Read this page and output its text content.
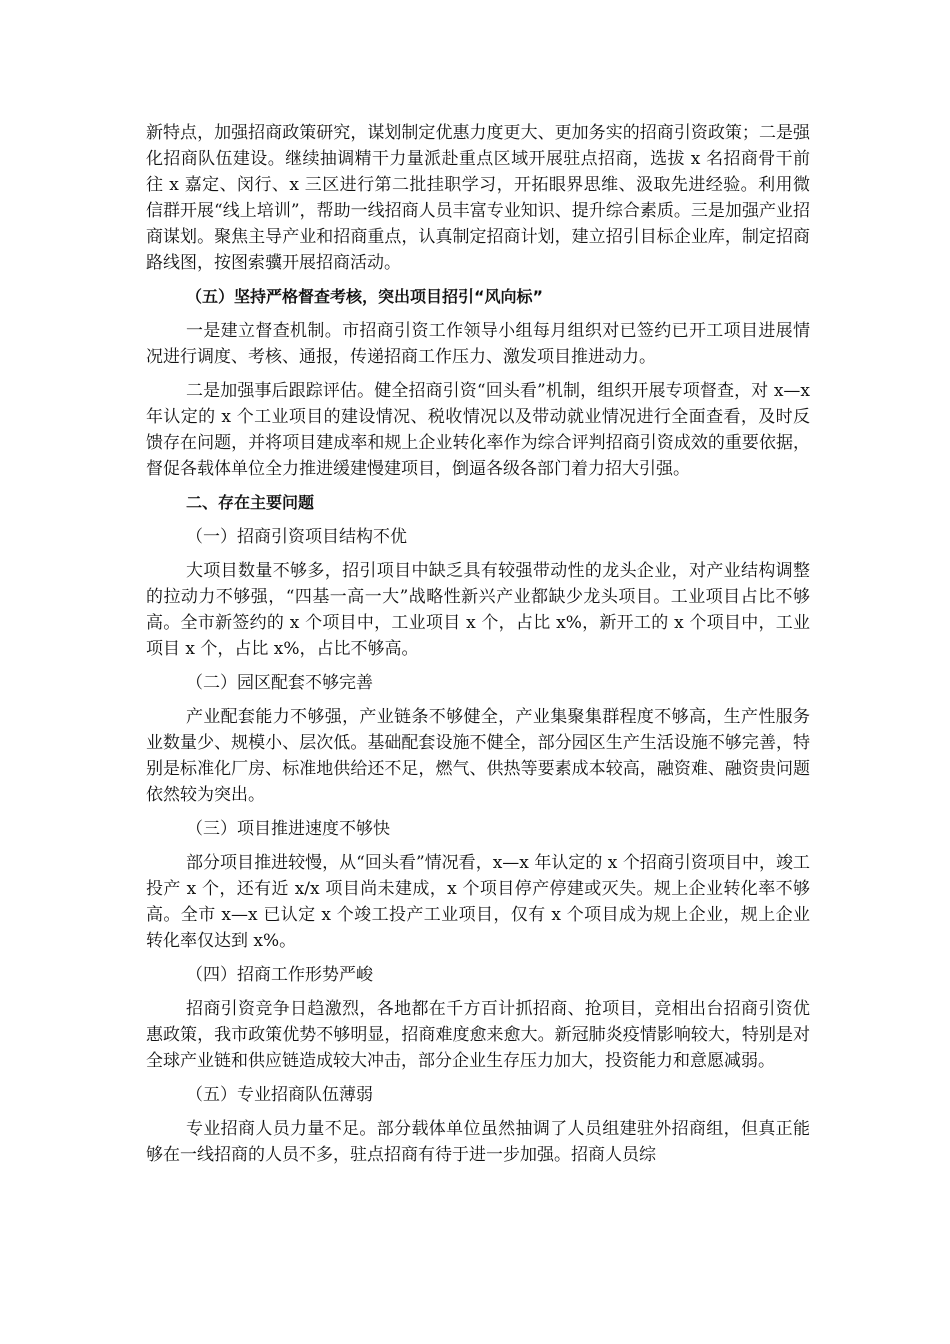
新特点，加强招商政策研究，谋划制定优惠力度更大、更加务实的招商引资政策；二是强化招商队伍建设。继续抽调精干力量派赴重点区域开展驻点招商，选拔 x 名招商骨干前往 x 嘉定、闵行、x 三区进行第二批挂职学习，开拓眼界思维、汲取先进经验。利用微信群开展“线上培训”，帮助一线招商人员丰富专业知识、提升综合素质。三是加强产业招商谋划。聚焦主导产业和招商重点，认真制定招商计划，建立招引目标企业库，制定招商路线图，按图索骥开展招商活动。

（五）坚持严格督查考核，突出项目招引“风向标”

一是建立督查机制。市招商引资工作领导小组每月组织对已签约已开工项目进展情况进行调度、考核、通报，传递招商工作压力、激发项目推进动力。

二是加强事后跟踪评估。健全招商引资“回头看”机制，组织开展专项督查，对 x—x 年认定的 x 个工业项目的建设情况、税收情况以及带动就业情况进行全面查看，及时反馈存在问题，并将项目建成率和规上企业转化率作为综合评判招商引资成效的重要依据，督促各载体单位全力推进缓建慢建项目，倒逼各级各部门着力招大引强。

二、存在主要问题

（一）招商引资项目结构不优

大项目数量不够多，招引项目中缺乏具有较强带动性的龙头企业，对产业结构调整的拉动力不够强，“四基一高一大”战略性新兴产业都缺少龙头项目。工业项目占比不够高。全市新签约的 x 个项目中，工业项目 x 个，占比 x%，新开工的 x 个项目中，工业项目 x 个，占比 x%，占比不够高。

（二）园区配套不够完善

产业配套能力不够强，产业链条不够健全，产业集聚集群程度不够高，生产性服务业数量少、规模小、层次低。基础配套设施不健全，部分园区生产生活设施不够完善，特别是标准化厂房、标准地供给还不足，燃气、供热等要素成本较高，融资难、融资贵问题依然较为突出。

（三）项目推进速度不够快

部分项目推进较慢，从“回头看”情况看，x—x 年认定的 x 个招商引资项目中，竣工投产 x 个，还有近 x/x 项目尚未建成，x 个项目停产停建或灭失。规上企业转化率不够高。全市 x—x 已认定 x 个竣工投产工业项目，仅有 x 个项目成为规上企业，规上企业转化率仅达到 x%。

（四）招商工作形势严峻

招商引资竞争日趋激烈，各地都在千方百计抓招商、抢项目，竞相出台招商引资优惠政策，我市政策优势不够明显，招商难度愈来愈大。新冠肺炎疫情影响较大，特别是对全球产业链和供应链造成较大冲击，部分企业生存压力加大，投资能力和意愿减弱。

（五）专业招商队伍薄弱

专业招商人员力量不足。部分载体单位虽然抽调了人员组建驻外招商组，但真正能够在一线招商的人员不多，驻点招商有待于进一步加强。招商人员综
